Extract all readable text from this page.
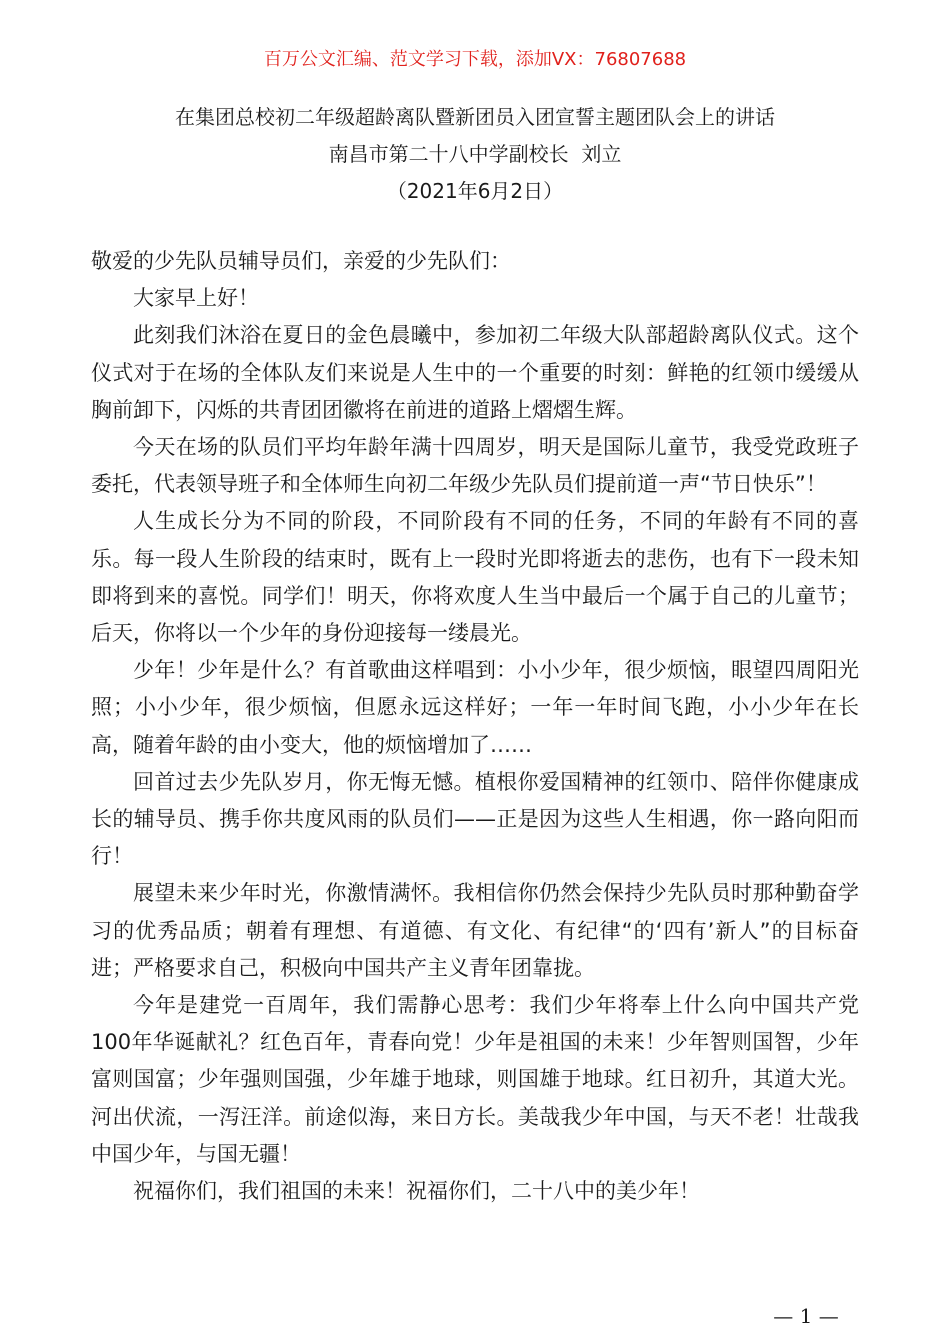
百万公文汇编、范文学习下载，添加VX：76807688
在集团总校初二年级超龄离队暨新团员入团宣誓主题团队会上的讲话
南昌市第二十八中学副校长  刘立
（2021年6月2日）

敬爱的少先队员辅导员们，亲爱的少先队们：

大家早上好！

此刻我们沐浴在夏日的金色晨曦中，参加初二年级大队部超龄离队仪式。这个仪式对于在场的全体队友们来说是人生中的一个重要的时刻：鲜艳的红领巾缓缓从胸前卸下，闪烁的共青团团徽将在前进的道路上熠熠生辉。

今天在场的队员们平均年龄年满十四周岁，明天是国际儿童节，我受党政班子委托，代表领导班子和全体师生向初二年级少先队员们提前道一声“节日快乐”！

人生成长分为不同的阶段，不同阶段有不同的任务，不同的年龄有不同的喜乐。每一段人生阶段的结束时，既有上一段时光即将逝去的悲伤，也有下一段未知即将到来的喜悦。同学们！明天，你将欢度人生当中最后一个属于自己的儿童节；后天，你将以一个少年的身份迎接每一缕晨光。

少年！少年是什么？有首歌曲这样唱到：小小少年，很少烦恼，眼望四周阳光照；小小少年，很少烦恼，但愿永远这样好；一年一年时间飞跑，小小少年在长高，随着年龄的由小变大，他的烦恼增加了……

回首过去少先队岁月，你无悔无憾。植根你爱国精神的红领巾、陪伴你健康成长的辅导员、携手你共度风雨的队员们——正是因为这些人生相遇，你一路向阳而行！

展望未来少年时光，你激情满怀。我相信你仍然会保持少先队员时那种勤奋学习的优秀品质；朝着有理想、有道德、有文化、有纪律“的‘四有’新人”的目标奋进；严格要求自己，积极向中国共产主义青年团靠拢。

今年是建党一百周年，我们需静心思考：我们少年将奉上什么向中国共产党100年华诞献礼？红色百年，青春向党！少年是祖国的未来！少年智则国智，少年富则国富；少年强则国强，少年雄于地球，则国雄于地球。红日初升，其道大光。河出伏流，一泻汪洋。前途似海，来日方长。美哉我少年中国，与天不老！壮哉我中国少年，与国无疆！

祝福你们，我们祖国的未来！祝福你们，二十八中的美少年！

— 1 —
